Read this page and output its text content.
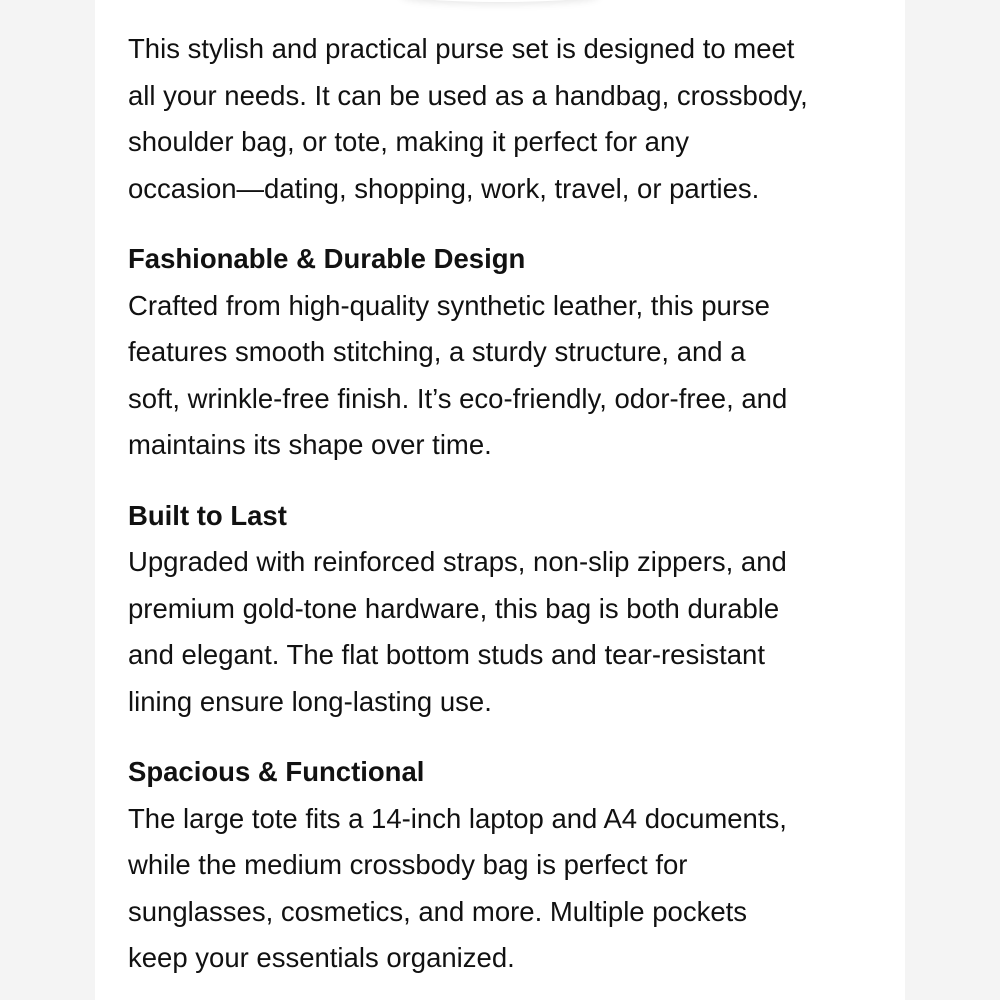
This stylish and practical purse set is designed to meet
all your needs. It can be used as a handbag, crossbody,
shoulder bag, or tote, making it perfect for any
occasion—dating, shopping, work, travel, or parties.

Fashionable & Durable Design

Crafted from high-quality synthetic leather, this purse
features smooth stitching, a sturdy structure, and a
soft, wrinkle-free finish. It’s eco-friendly, odor-free, and
maintains its shape over time.

Built to Last

Upgraded with reinforced straps, non-slip zippers, and
premium gold-tone hardware, this bag is both durable
and elegant. The flat bottom studs and tear-resistant
lining ensure long-lasting use.

Spacious & Functional

The large tote fits a 14-inch laptop and A4 documents,
while the medium crossbody bag is perfect for
sunglasses, cosmetics, and more. Multiple pockets
keep your essentials organized.
